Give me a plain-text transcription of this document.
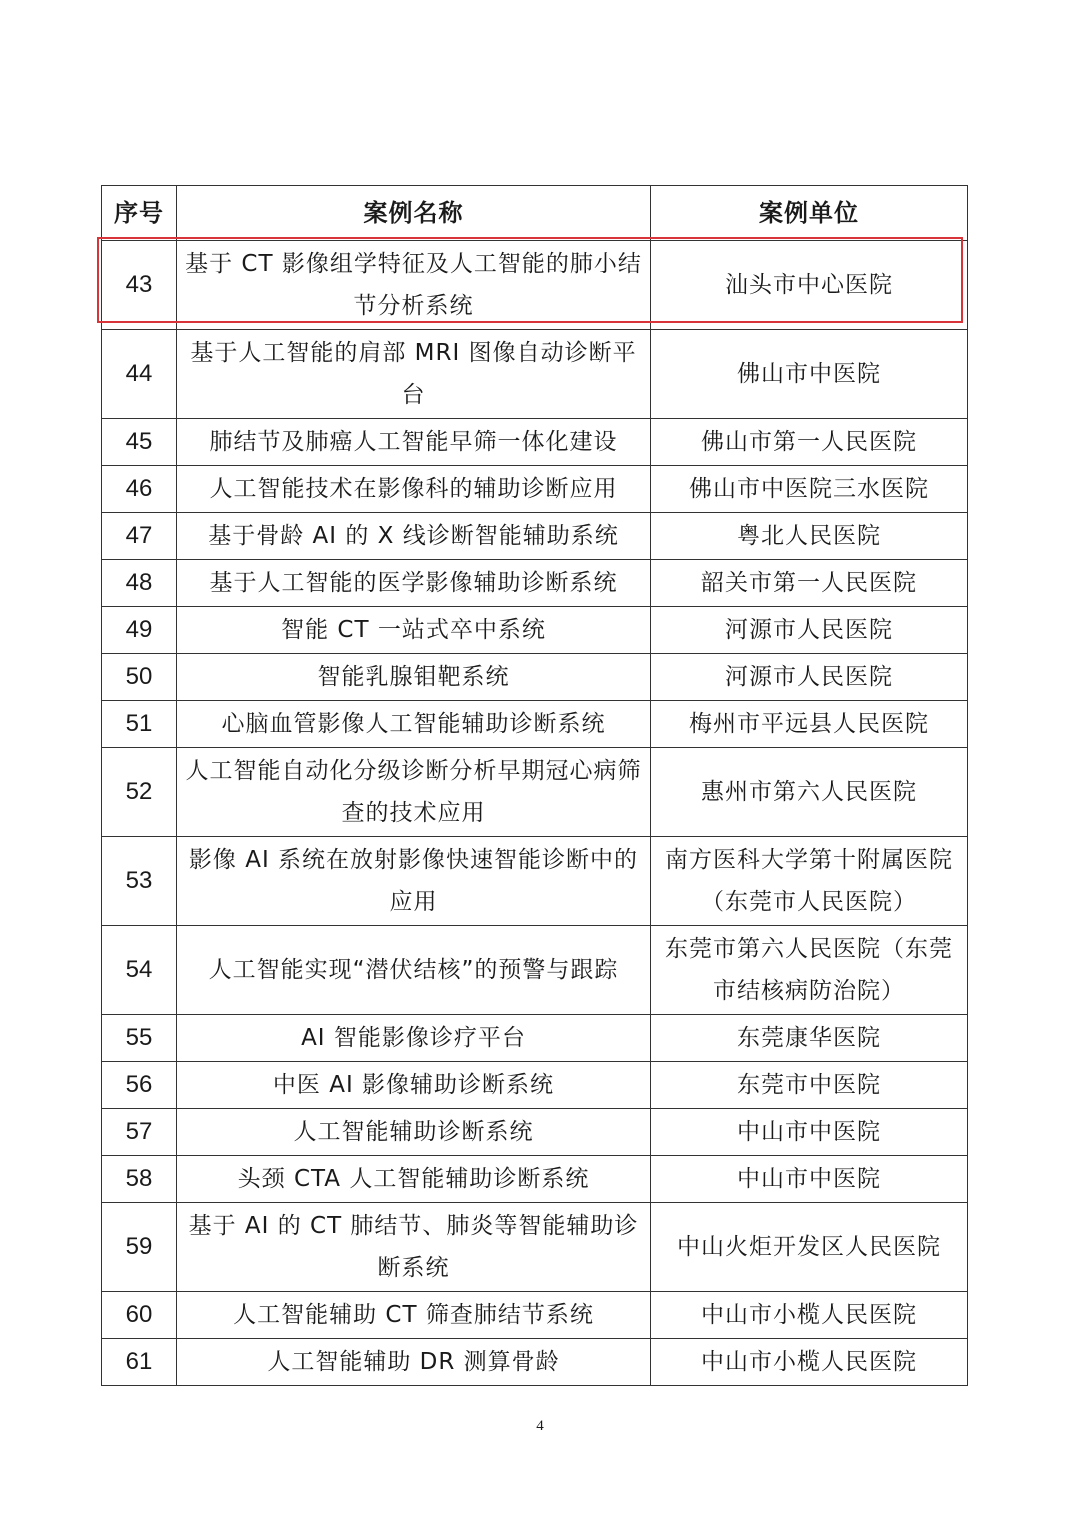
序号	案例名称	案例单位
43	基于 CT 影像组学特征及人工智能的肺小结节分析系统	汕头市中心医院
44	基于人工智能的肩部 MRI 图像自动诊断平台	佛山市中医院
45	肺结节及肺癌人工智能早筛一体化建设	佛山市第一人民医院
46	人工智能技术在影像科的辅助诊断应用	佛山市中医院三水医院
47	基于骨龄 AI 的 X 线诊断智能辅助系统	粤北人民医院
48	基于人工智能的医学影像辅助诊断系统	韶关市第一人民医院
49	智能 CT 一站式卒中系统	河源市人民医院
50	智能乳腺钼靶系统	河源市人民医院
51	心脑血管影像人工智能辅助诊断系统	梅州市平远县人民医院
52	人工智能自动化分级诊断分析早期冠心病筛查的技术应用	惠州市第六人民医院
53	影像 AI 系统在放射影像快速智能诊断中的应用	南方医科大学第十附属医院（东莞市人民医院）
54	人工智能实现“潜伏结核”的预警与跟踪	东莞市第六人民医院（东莞市结核病防治院）
55	AI 智能影像诊疗平台	东莞康华医院
56	中医 AI 影像辅助诊断系统	东莞市中医院
57	人工智能辅助诊断系统	中山市中医院
58	头颈 CTA 人工智能辅助诊断系统	中山市中医院
59	基于 AI 的 CT 肺结节、肺炎等智能辅助诊断系统	中山火炬开发区人民医院
60	人工智能辅助 CT 筛查肺结节系统	中山市小榄人民医院
61	人工智能辅助 DR 测算骨龄	中山市小榄人民医院
4
